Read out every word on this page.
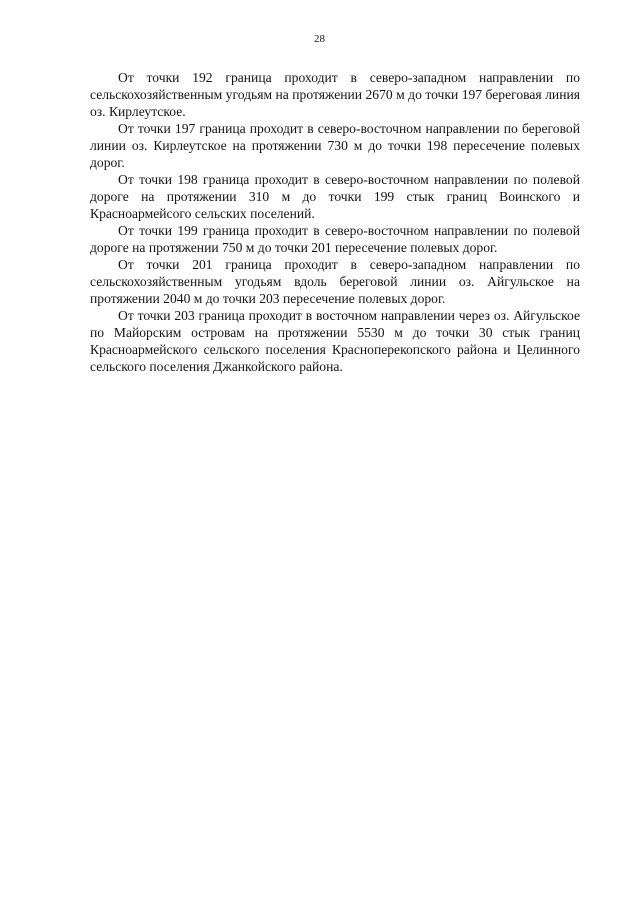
28

От точки 192 граница проходит в северо-западном направлении по сельскохозяйственным угодьям на протяжении 2670 м до точки 197 береговая линия оз. Кирлеутское.

От точки 197 граница проходит в северо-восточном направлении по береговой линии оз. Кирлеутское на протяжении 730 м до точки 198 пересечение полевых дорог.

От точки 198 граница проходит в северо-восточном направлении по полевой дороге на протяжении 310 м до точки 199 стык границ Воинского и Красноармейсого сельских поселений.

От точки 199 граница проходит в северо-восточном направлении по полевой дороге на протяжении 750 м до точки 201 пересечение полевых дорог.

От точки 201 граница проходит в северо-западном направлении по сельскохозяйственным угодьям вдоль береговой линии оз. Айгульское на протяжении 2040 м до точки 203 пересечение полевых дорог.

От точки 203 граница проходит в восточном направлении через оз. Айгульское по Майорским островам на протяжении 5530 м до точки 30 стык границ Красноармейского сельского поселения Красноперекопского района и Целинного сельского поселения Джанкойского района.
